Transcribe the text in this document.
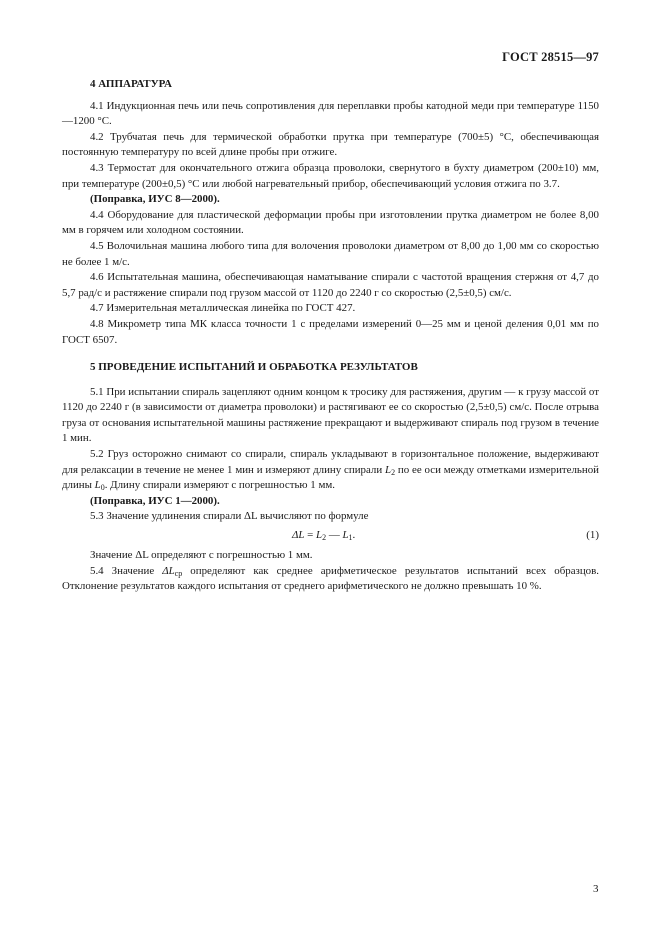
ГОСТ 28515—97
4 АППАРАТУРА

4.1 Индукционная печь или печь сопротивления для переплавки пробы катодной меди при температуре 1150—1200 °С.

4.2 Трубчатая печь для термической обработки прутка при температуре (700±5) °С, обеспечивающая постоянную температуру по всей длине пробы при отжиге.

4.3 Термостат для окончательного отжига образца проволоки, свернутого в бухту диаметром (200±10) мм, при температуре (200±0,5) °С или любой нагревательный прибор, обеспечивающий условия отжига по 3.7.

(Поправка, ИУС 8—2000).

4.4 Оборудование для пластической деформации пробы при изготовлении прутка диаметром не более 8,00 мм в горячем или холодном состоянии.

4.5 Волочильная машина любого типа для волочения проволоки диаметром от 8,00 до 1,00 мм со скоростью не более 1 м/с.

4.6 Испытательная машина, обеспечивающая наматывание спирали с частотой вращения стержня от 4,7 до 5,7 рад/с и растяжение спирали под грузом массой от 1120 до 2240 г со скоростью (2,5±0,5) см/с.

4.7 Измерительная металлическая линейка по ГОСТ 427.

4.8 Микрометр типа МК класса точности 1 с пределами измерений 0—25 мм и ценой деления 0,01 мм по ГОСТ 6507.

5 ПРОВЕДЕНИЕ ИСПЫТАНИЙ И ОБРАБОТКА РЕЗУЛЬТАТОВ

5.1 При испытании спираль зацепляют одним концом к тросику для растяжения, другим — к грузу массой от 1120 до 2240 г (в зависимости от диаметра проволоки) и растягивают ее со скоростью (2,5±0,5) см/с. После отрыва груза от основания испытательной машины растяжение прекращают и выдерживают спираль под грузом в течение 1 мин.

5.2 Груз осторожно снимают со спирали, спираль укладывают в горизонтальное положение, выдерживают для релаксации в течение не менее 1 мин и измеряют длину спирали $L_2$ по ее оси между отметками измерительной длины $L_0$. Длину спирали измеряют с погрешностью 1 мм.

(Поправка, ИУС 1—2000).

5.3 Значение удлинения спирали ΔL вычисляют по формуле

$\Delta L = L_2$ — $L_1$.	(1)

Значение ΔL определяют с погрешностью 1 мм.

5.4 Значение $\Delta L_{ср}$ определяют как среднее арифметическое результатов испытаний всех образцов. Отклонение результатов каждого испытания от среднего арифметического не должно превышать 10 %.

3
